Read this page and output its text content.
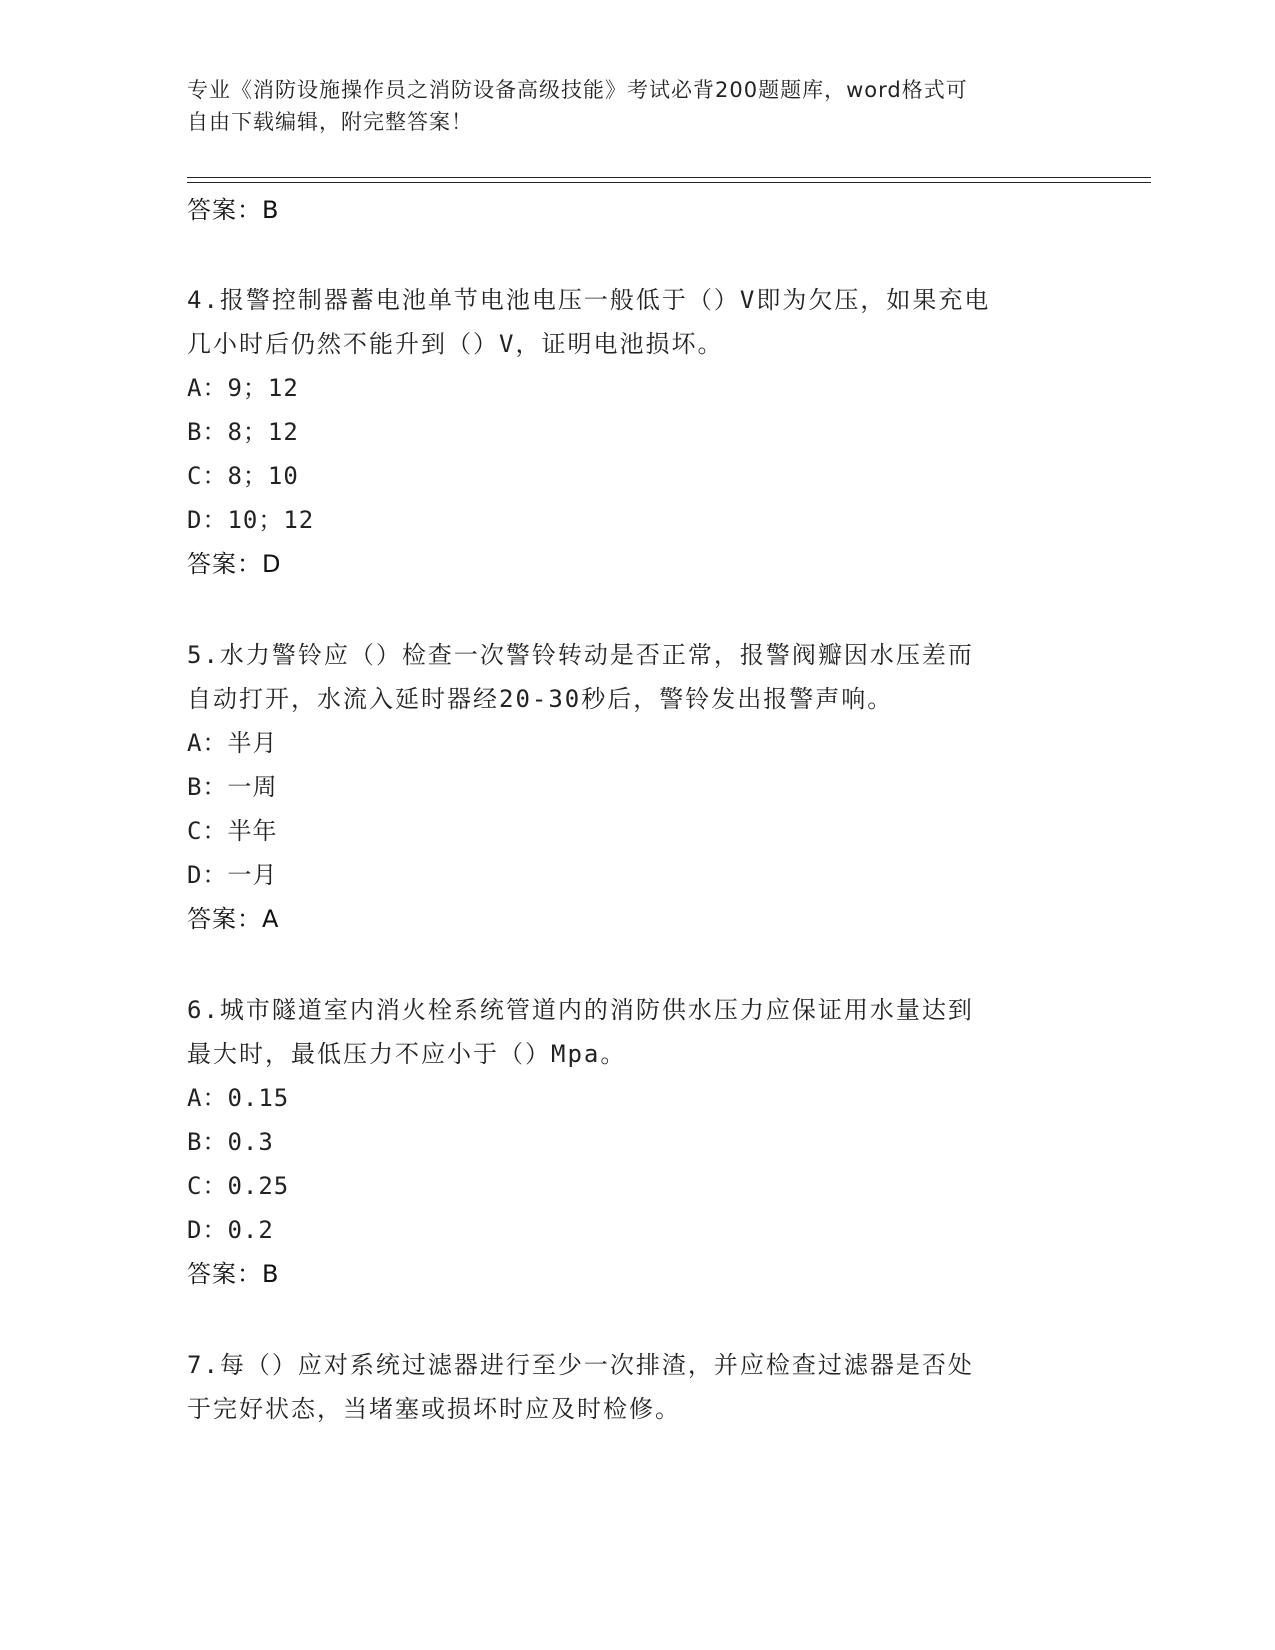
专业《消防设施操作员之消防设备高级技能》考试必背200题题库，word格式可
自由下载编辑，附完整答案！
答案：B
4.报警控制器蓄电池单节电池电压一般低于（）V即为欠压，如果充电
几小时后仍然不能升到（）V，证明电池损坏。
A：9；12
B：8；12
C：8；10
D：10；12
答案：D
5.水力警铃应（）检查一次警铃转动是否正常，报警阀瓣因水压差而
自动打开，水流入延时器经20-30秒后，警铃发出报警声响。
A：半月
B：一周
C：半年
D：一月
答案：A
6.城市隧道室内消火栓系统管道内的消防供水压力应保证用水量达到
最大时，最低压力不应小于（）Mpa。
A：0.15
B：0.3
C：0.25
D：0.2
答案：B
7.每（）应对系统过滤器进行至少一次排渣，并应检查过滤器是否处
于完好状态，当堵塞或损坏时应及时检修。
